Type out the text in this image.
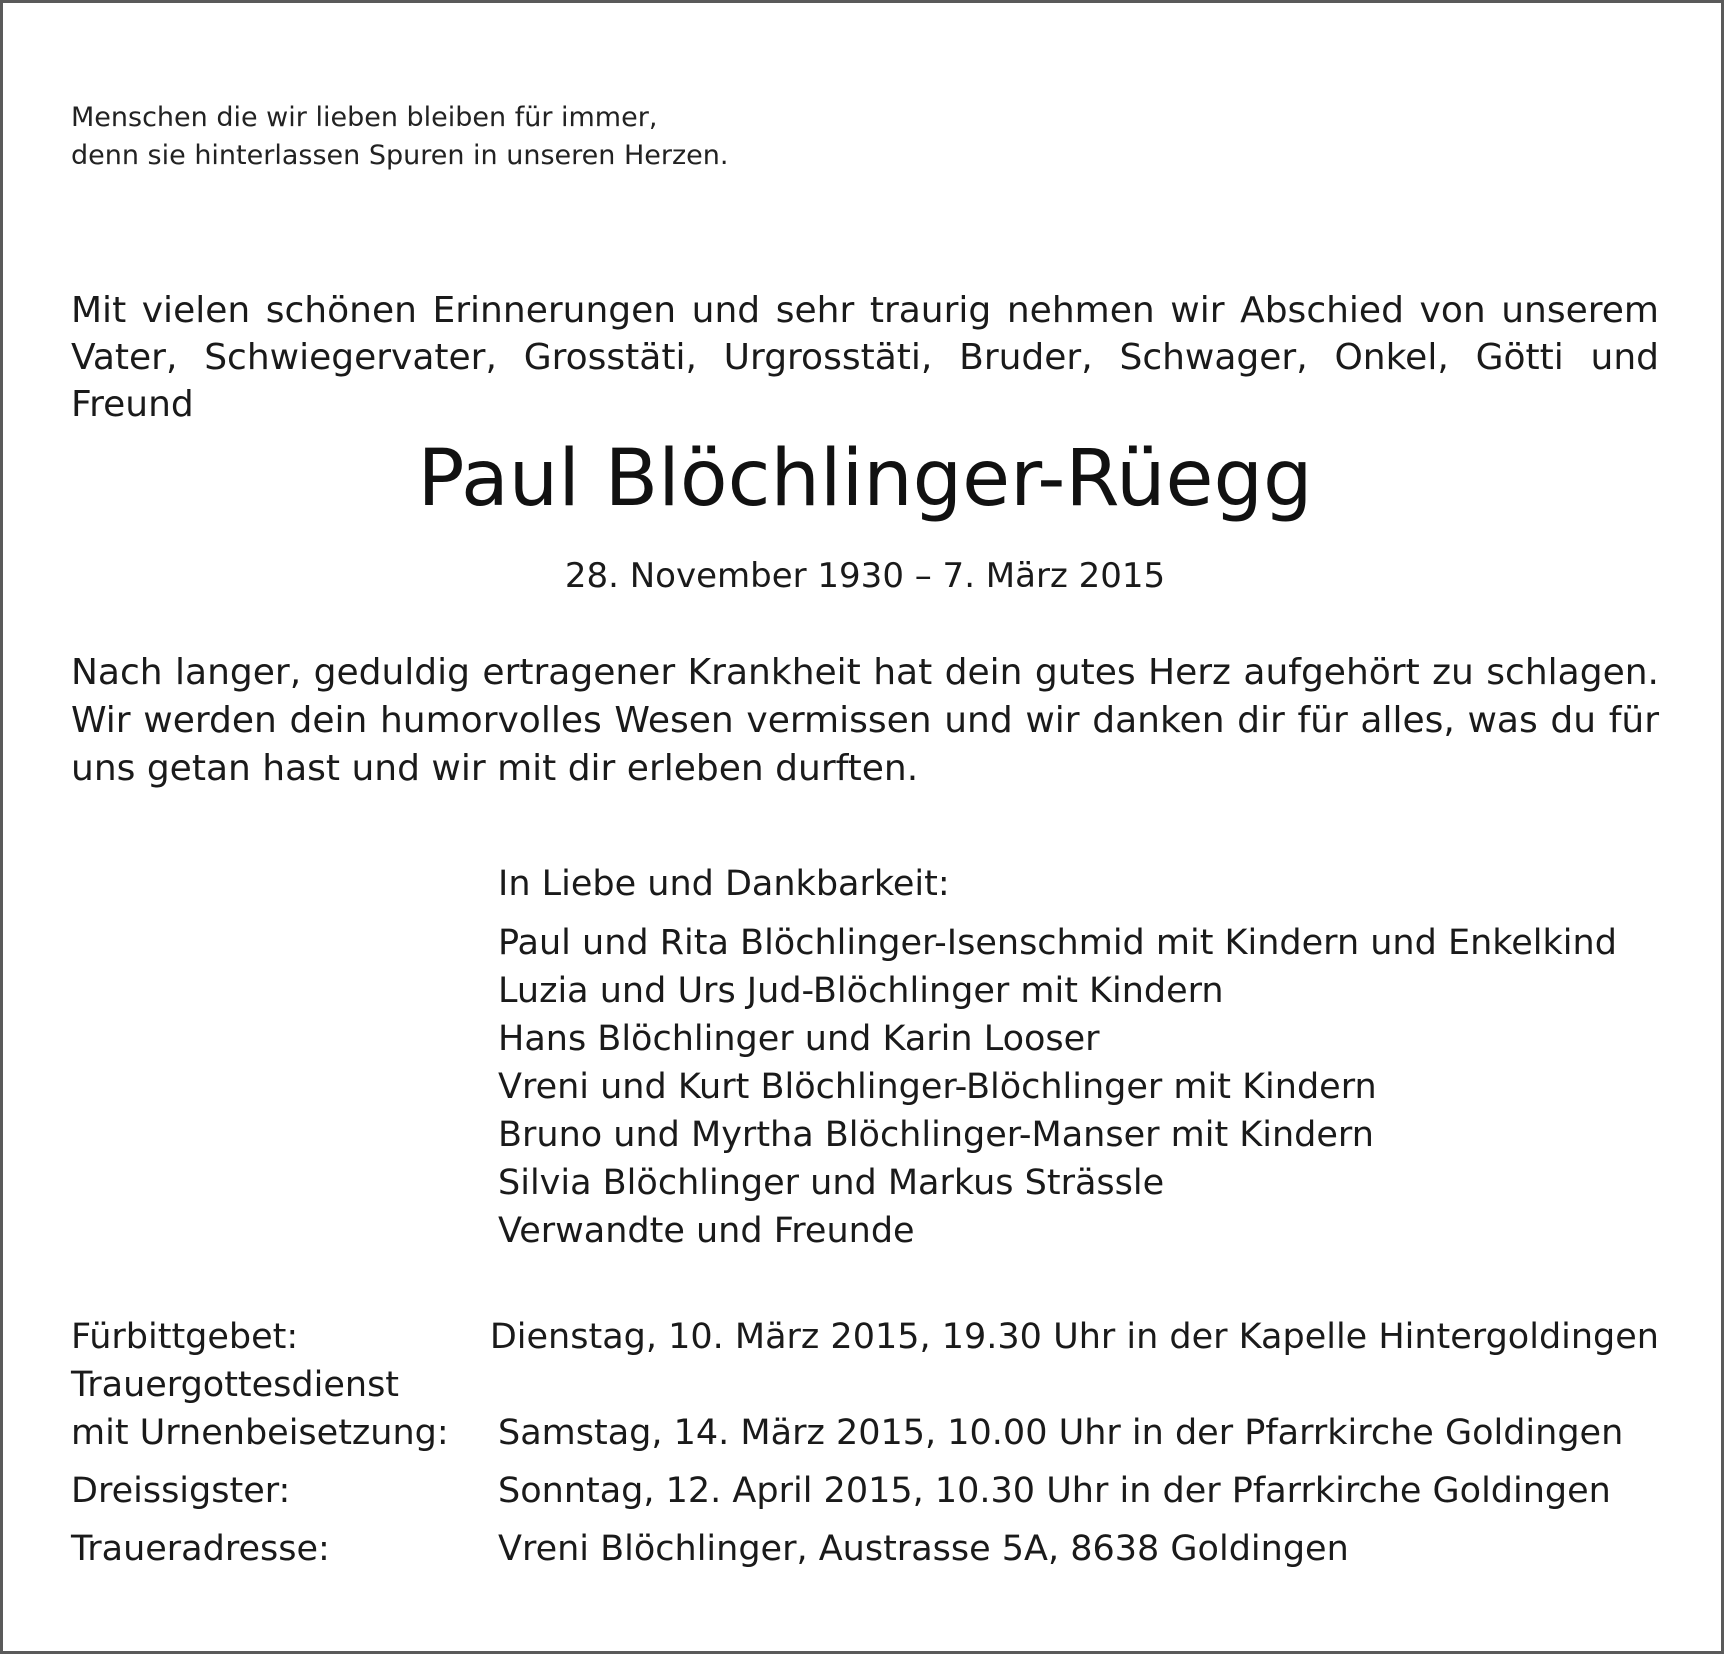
Menschen die wir lieben bleiben für immer,
denn sie hinterlassen Spuren in unseren Herzen.
Mit vielen schönen Erinnerungen und sehr traurig nehmen wir Abschied von unserem
Vater, Schwiegervater, Grosstäti, Urgrosstäti, Bruder, Schwager, Onkel, Götti und Freund
Paul Blöchlinger-Rüegg
28. November 1930 – 7. März 2015
Nach langer, geduldig ertragener Krankheit hat dein gutes Herz aufgehört zu schlagen.
Wir werden dein humorvolles Wesen vermissen und wir danken dir für alles, was du für
uns getan hast und wir mit dir erleben durften.
In Liebe und Dankbarkeit:
Paul und Rita Blöchlinger-Isenschmid mit Kindern und Enkelkind
Luzia und Urs Jud-Blöchlinger mit Kindern
Hans Blöchlinger und Karin Looser
Vreni und Kurt Blöchlinger-Blöchlinger mit Kindern
Bruno und Myrtha Blöchlinger-Manser mit Kindern
Silvia Blöchlinger und Markus Strässle
Verwandte und Freunde
Fürbittgebet:	Dienstag, 10. März 2015, 19.30 Uhr in der Kapelle Hintergoldingen
Trauergottesdienst
mit Urnenbeisetzung: Samstag, 14. März 2015, 10.00 Uhr in der Pfarrkirche Goldingen
Dreissigster:	Sonntag, 12. April 2015, 10.30 Uhr in der Pfarrkirche Goldingen
Traueradresse:	Vreni Blöchlinger, Austrasse 5A, 8638 Goldingen
